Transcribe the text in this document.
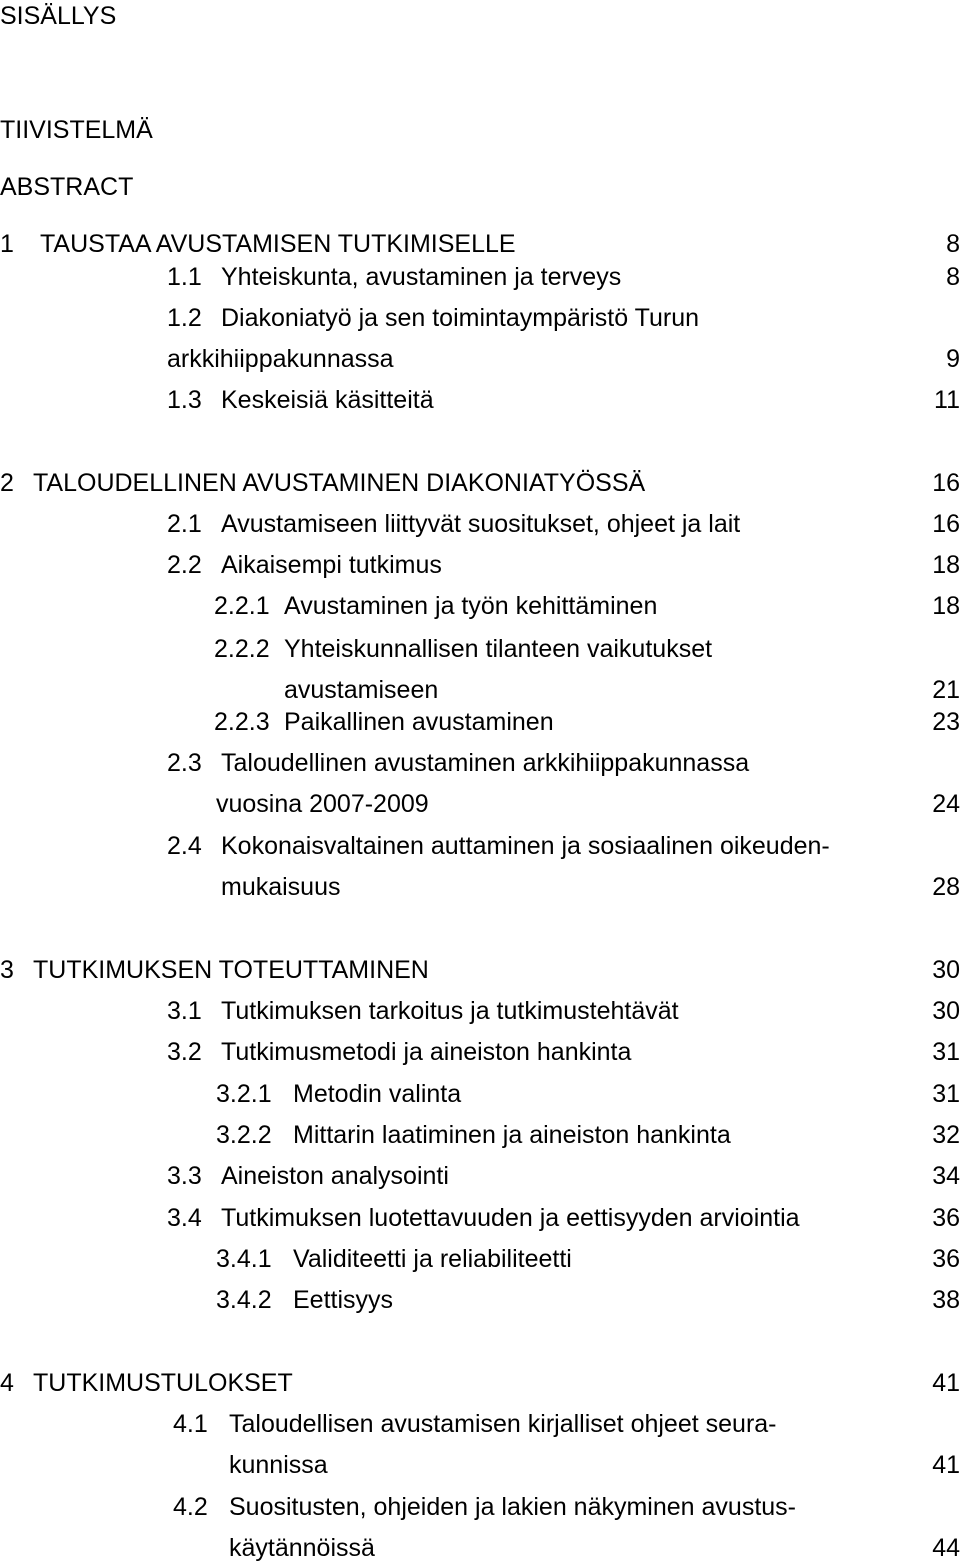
SISÄLLYS
TIIVISTELMÄ
ABSTRACT
1 TAUSTAA AVUSTAMISEN TUTKIMISELLE	8
1.1 Yhteiskunta, avustaminen ja terveys	8
1.2 Diakoniatyö ja sen toimintaympäristö Turun
arkkihiippakunnassa	9
1.3 Keskeisiä käsitteitä	11
2 TALOUDELLINEN AVUSTAMINEN DIAKONIATYÖSSÄ	16
2.1 Avustamiseen liittyvät suositukset, ohjeet ja lait	16
2.2 Aikaisempi tutkimus	18
2.2.1 Avustaminen ja työn kehittäminen	18
2.2.2 Yhteiskunnallisen tilanteen vaikutukset
avustamiseen	21
2.2.3 Paikallinen avustaminen	23
2.3 Taloudellinen avustaminen arkkihiippakunnassa
vuosina 2007-2009	24
2.4 Kokonaisvaltainen auttaminen ja sosiaalinen oikeuden-
mukaisuus	28
3 TUTKIMUKSEN TOTEUTTAMINEN	30
3.1 Tutkimuksen tarkoitus ja tutkimustehtävät	30
3.2 Tutkimusmetodi ja aineiston hankinta	31
3.2.1 Metodin valinta	31
3.2.2 Mittarin laatiminen ja aineiston hankinta	32
3.3 Aineiston analysointi	34
3.4 Tutkimuksen luotettavuuden ja eettisyyden arviointia	36
3.4.1 Validiteetti ja reliabiliteetti	36
3.4.2 Eettisyys	38
4 TUTKIMUSTULOKSET	41
4.1 Taloudellisen avustamisen kirjalliset ohjeet seura-
kunnissa	41
4.2 Suositusten, ohjeiden ja lakien näkyminen avustus-
käytännöissä	44
